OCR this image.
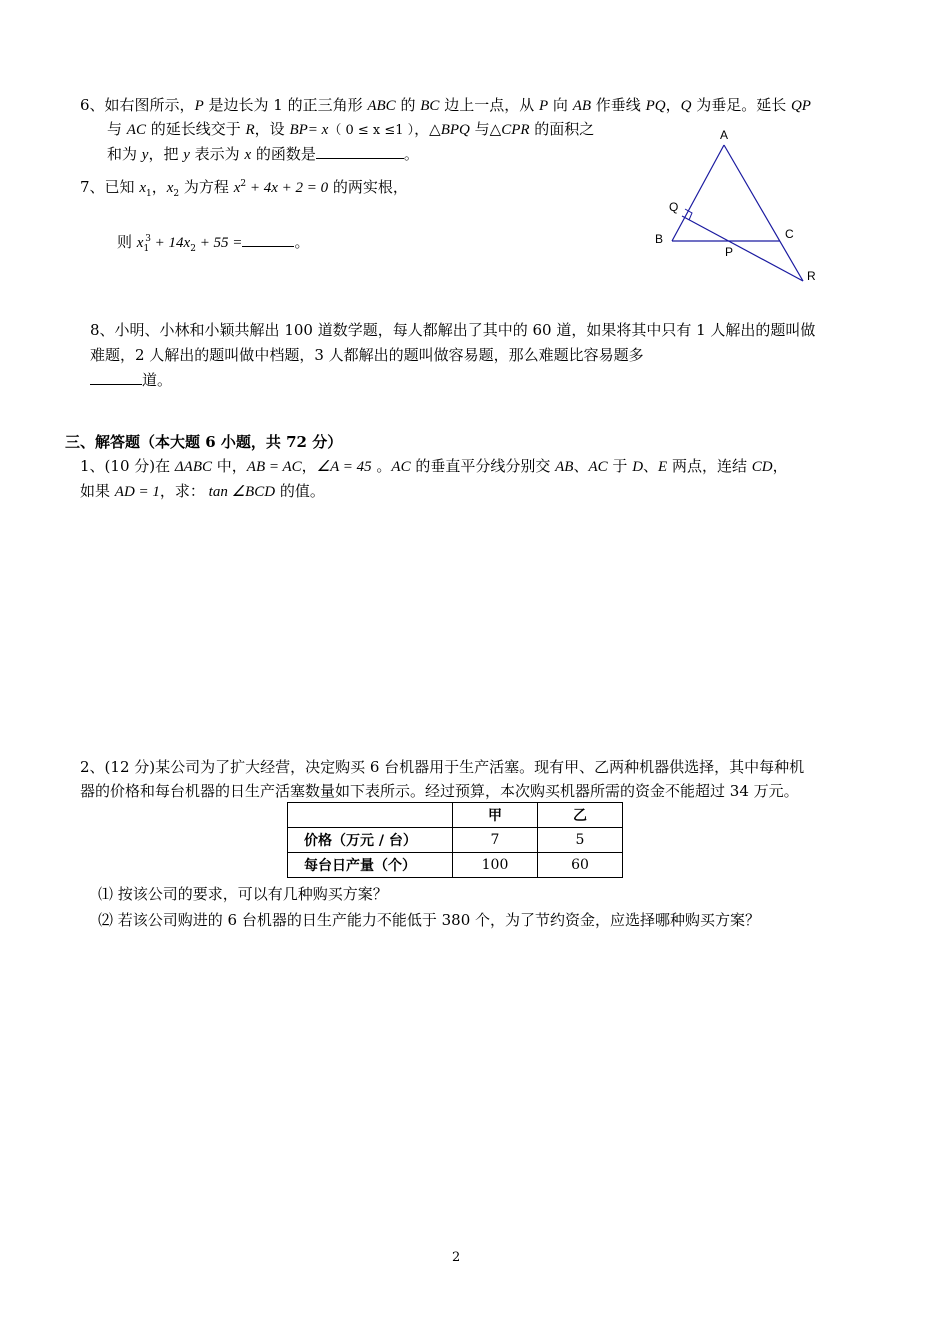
6、如右图所示，P 是边长为 1 的正三角形 ABC 的 BC 边上一点，从 P 向 AB 作垂线 PQ，Q 为垂足。延长 QP
与 AC 的延长线交于 R，设 BP= x（ 0 ≤ x ≤1 ），△BPQ 与△CPR 的面积之
和为 y，把 y 表示为 x 的函数是	。
7、已知 $x_1$，$x_2$ 为方程 $x^2 + 4x + 2 = 0$ 的两实根，
则 $x_1^3 + 14x_2 + 55$ =	。
A
B	C
Q
P
R
8、小明、小林和小颖共解出 100 道数学题，每人都解出了其中的 60 道，如果将其中只有 1 人解出的题叫做
难题，2 人解出的题叫做中档题，3 人都解出的题叫做容易题，那么难题比容易题多
道。
三、解答题（本大题 6 小题，共 72 分）
1、(10 分)在 ΔABC 中，AB = AC，∠A = 45 。AC 的垂直平分线分别交 AB、AC 于 D、E 两点，连结 CD，
如果 AD = 1，求： tan ∠BCD 的值。
2、(12 分)某公司为了扩大经营，决定购买 6 台机器用于生产活塞。现有甲、乙两种机器供选择，其中每种机
器的价格和每台机器的日生产活塞数量如下表所示。经过预算，本次购买机器所需的资金不能超过 34 万元。
	甲	乙
价格（万元 / 台）	7	5
每台日产量（个）	100	60
⑴ 按该公司的要求，可以有几种购买方案？
⑵ 若该公司购进的 6 台机器的日生产能力不能低于 380 个，为了节约资金，应选择哪种购买方案？
2
